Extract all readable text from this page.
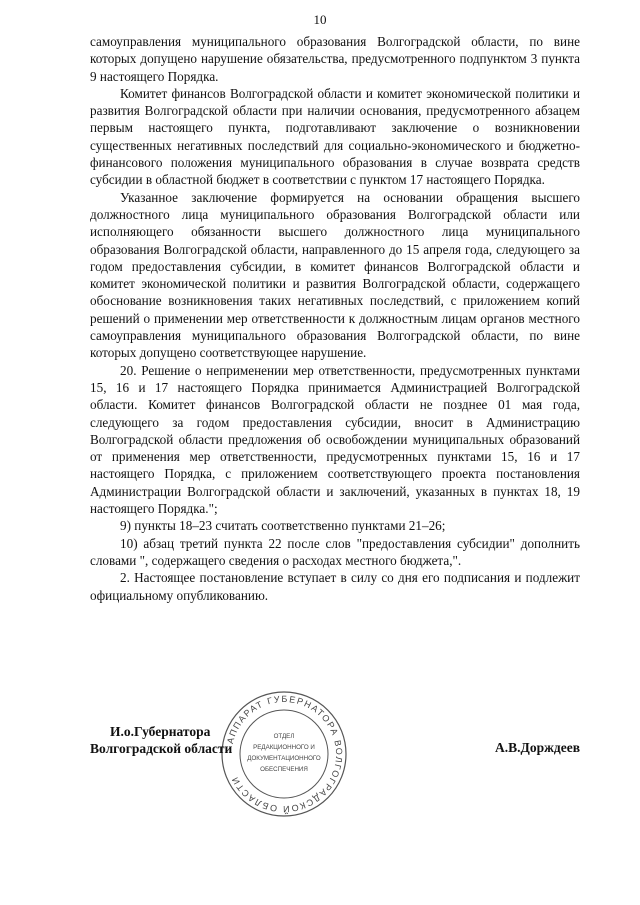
10

самоуправления муниципального образования Волгоградской области, по вине которых допущено нарушение обязательства, предусмотренного подпунктом 3 пункта 9 настоящего Порядка.

Комитет финансов Волгоградской области и комитет экономической политики и развития Волгоградской области при наличии основания, предусмотренного абзацем первым настоящего пункта, подготавливают заключение о возникновении существенных негативных последствий для социально-экономического и бюджетно-финансового положения муниципального образования в случае возврата средств субсидии в областной бюджет в соответствии с пунктом 17 настоящего Порядка.

Указанное заключение формируется на основании обращения высшего должностного лица муниципального образования Волгоградской области или исполняющего обязанности высшего должностного лица муниципального образования Волгоградской области, направленного до 15 апреля года, следующего за годом предоставления субсидии, в комитет финансов Волгоградской области и комитет экономической политики и развития Волгоградской области, содержащего обоснование возникновения таких негативных последствий, с приложением копий решений о применении мер ответственности к должностным лицам органов местного самоуправления муниципального образования Волгоградской области, по вине которых допущено соответствующее нарушение.

20. Решение о неприменении мер ответственности, предусмотренных пунктами 15, 16 и 17 настоящего Порядка принимается Администрацией Волгоградской области. Комитет финансов Волгоградской области не позднее 01 мая года, следующего за годом предоставления субсидии, вносит в Администрацию Волгоградской области предложения об освобождении муниципальных образований от применения мер ответственности, предусмотренных пунктами 15, 16 и 17 настоящего Порядка, с приложением соответствующего проекта постановления Администрации Волгоградской области и заключений, указанных в пунктах 18, 19 настоящего Порядка.";

9) пункты 18–23 считать соответственно пунктами 21–26;

10) абзац третий пункта 22 после слов "предоставления субсидии" дополнить словами ", содержащего сведения о расходах местного бюджета,".

2. Настоящее постановление вступает в силу со дня его подписания и подлежит официальному опубликованию.

АППАРАТ ГУБЕРНАТОРА ВОЛГОГРАДСКОЙ ОБЛАСТИ
ОТДЕЛ
РЕДАКЦИОННОГО И
ДОКУМЕНТАЦИОННОГО
ОБЕСПЕЧЕНИЯ
И.о.Губернатора
Волгоградской области	А.В.Дорждеев
